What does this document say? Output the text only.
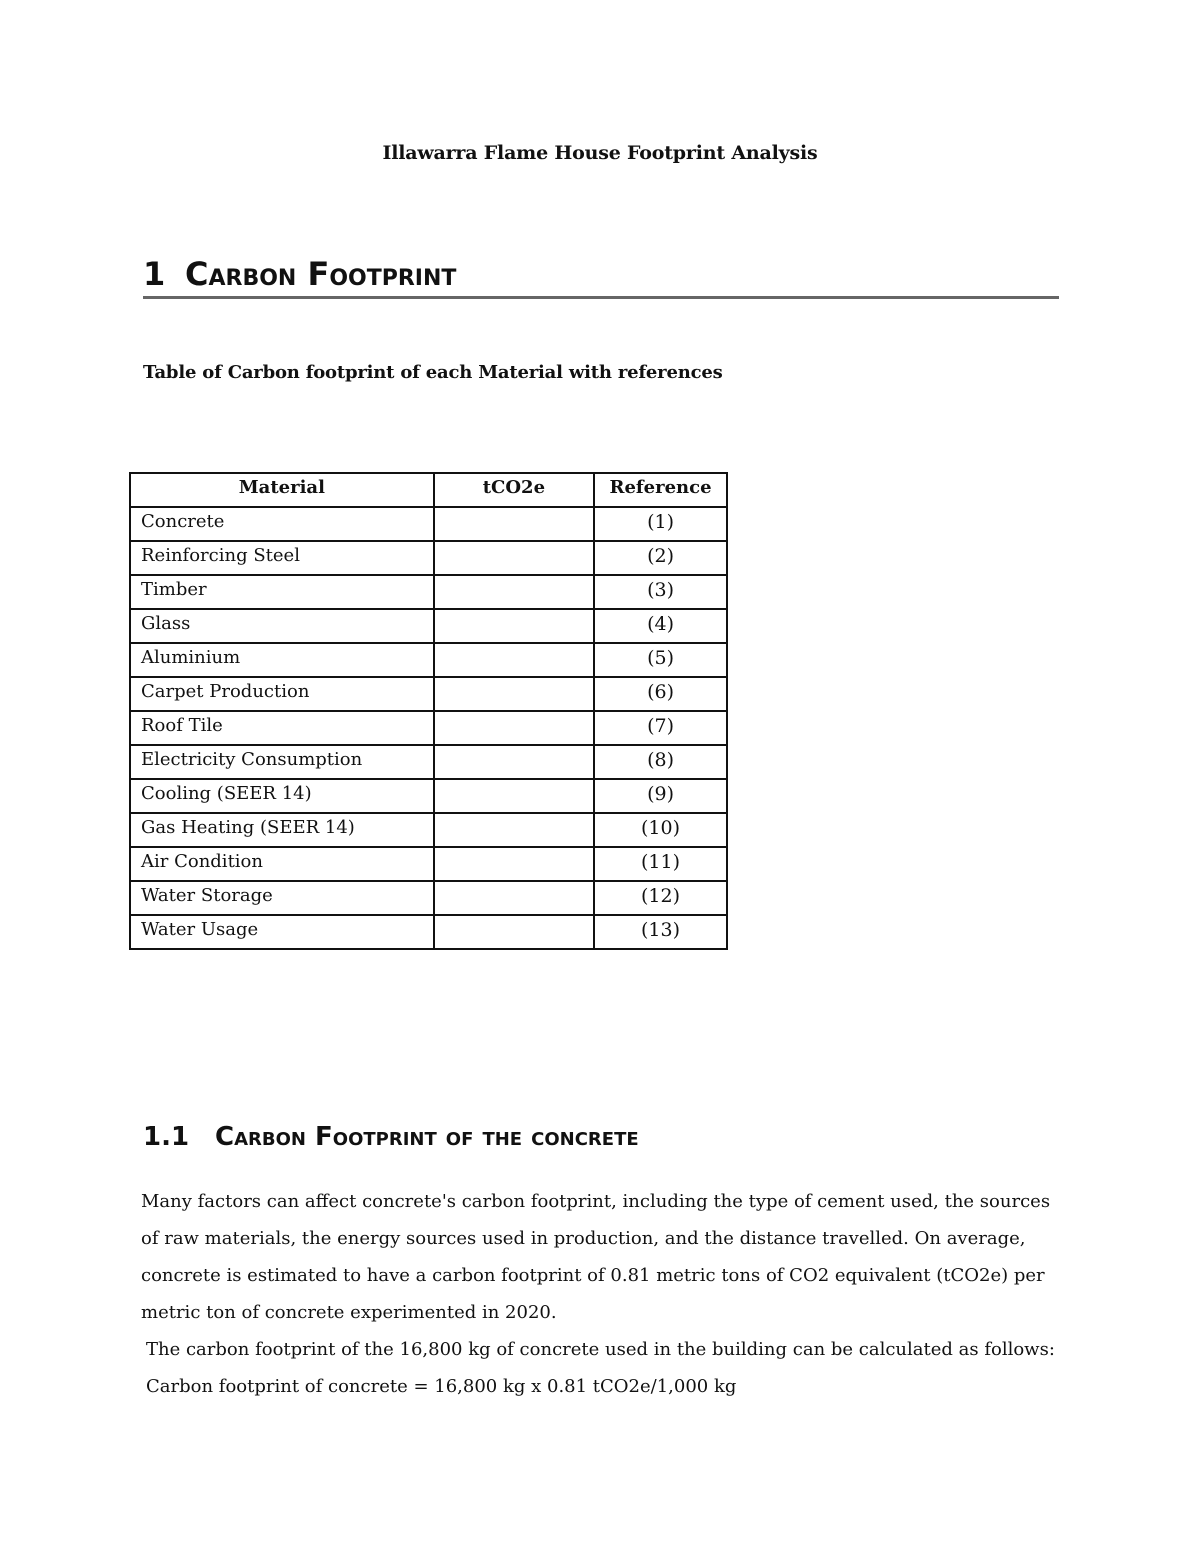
Illawarra Flame House Footprint Analysis
1 Carbon Footprint
Table of Carbon footprint of each Material with references
Material	tCO2e	Reference
Concrete		(1)
Reinforcing Steel		(2)
Timber		(3)
Glass		(4)
Aluminium		(5)
Carpet Production		(6)
Roof Tile		(7)
Electricity Consumption		(8)
Cooling (SEER 14)		(9)
Gas Heating (SEER 14)		(10)
Air Condition		(11)
Water Storage		(12)
Water Usage		(13)
1.1 Carbon Footprint of the concrete

Many factors can affect concrete's carbon footprint, including the type of cement used, the sources of raw materials, the energy sources used in production, and the distance travelled. On average, concrete is estimated to have a carbon footprint of 0.81 metric tons of CO2 equivalent (tCO2e) per metric ton of concrete experimented in 2020.

The carbon footprint of the 16,800 kg of concrete used in the building can be calculated as follows:

Carbon footprint of concrete = 16,800 kg x 0.81 tCO2e/1,000 kg
